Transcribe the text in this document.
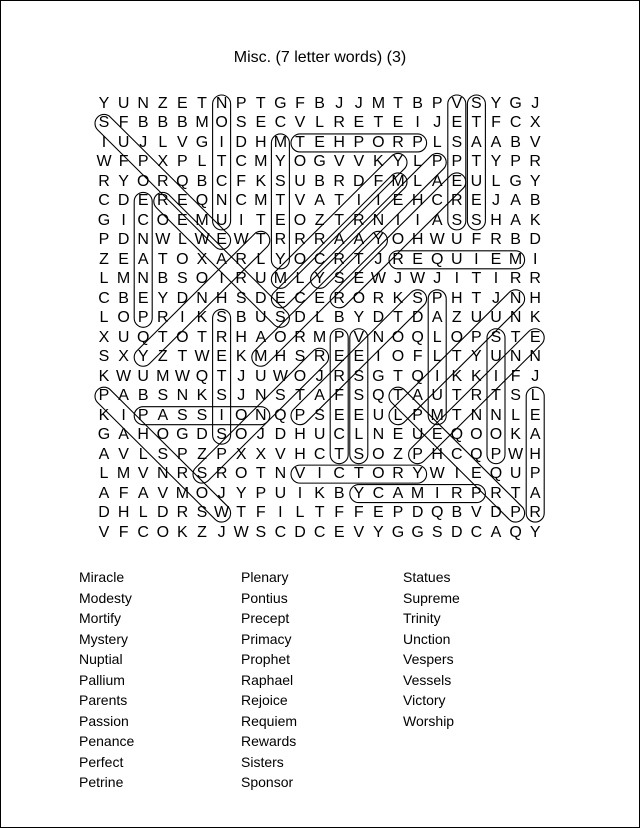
Misc. (7 letter words) (3)
Y U N Z E T N P T G F B J J M T B P V S Y G J
S F B B B M O S E C V L R E T E I J E T F C X
I U J L V G I D H M T E H P O R P L S A A B V
W F P X P L T C M Y O G V V K Y L P P T Y P R
R Y O R Q B C F K S U B R D F M L A E U L G Y
C D E R E Q N C M T V A T I I E H C R E J A B
G I C O E M U I T E O Z T R N I I A S S H A K
P D N W L W E W T R R R A A Y O H W U F R B D
Z E A T O X A R L Y O C R T J R E Q U I E M I
L M N B S O I R U M L Y S E W J W J I T I R R
C B E Y D N H S D E C E R O R K S P H T J N H
L O P R I K S B U S D L B Y D T D A Z U U N K
X U Q T O T R H A O R M P V N O Q L O P S T E
S X Y Z T W E K M H S R E E I O F L T Y U N N
K W U M W Q T J U W O J R S G T Q I K K I F J
P A B S N K S J N S T A F S Q T A U T R T S L
K I P A S S I O N Q P S E E U L P M T N N L E
G A H O G D S O J D H U C L N E U E Q O O K A
A V L S P Z P X X V H C T S O Z P H C Q P W H
L M V N R S R O T N V I C T O R Y W I E Q U P
A F A V M O J Y P U I K B Y C A M I R P R T A
D H L D R S W T F I L T F F E P D Q B V D P R
V F C O K Z J W S C D C E V Y G G S D C A Q Y
Miracle
Modesty
Mortify
Mystery
Nuptial
Pallium
Parents
Passion
Penance
Perfect
Petrine
Plenary
Pontius
Precept
Primacy
Prophet
Raphael
Rejoice
Requiem
Rewards
Sisters
Sponsor
Statues
Supreme
Trinity
Unction
Vespers
Vessels
Victory
Worship
